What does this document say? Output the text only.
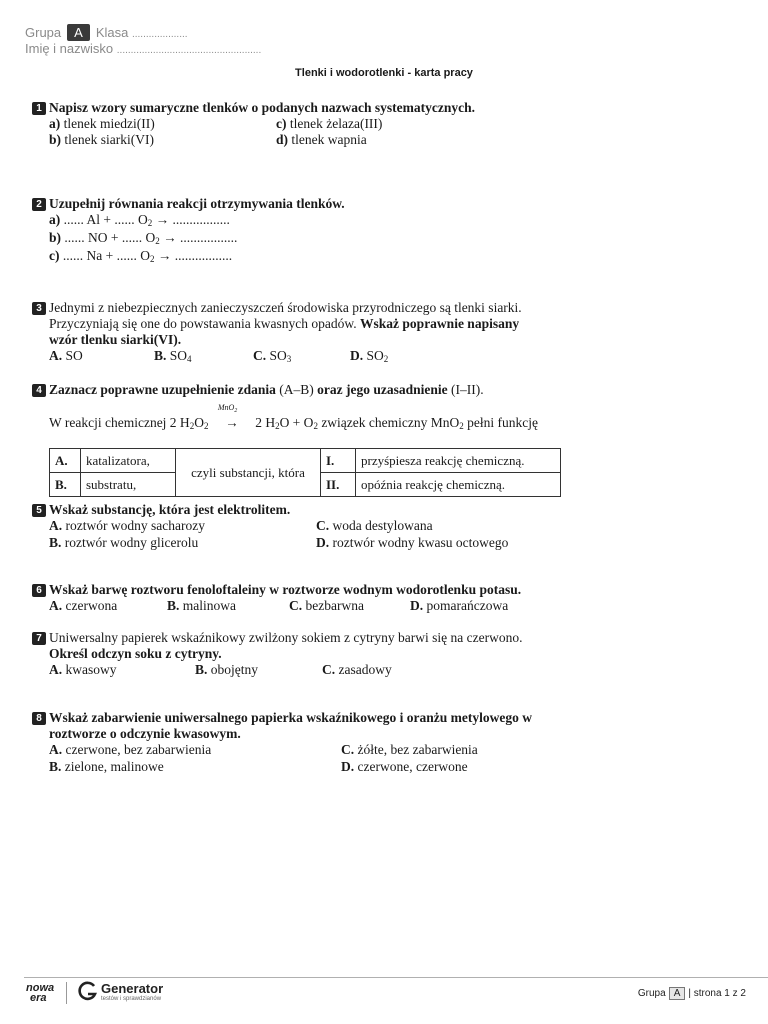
Grupa A Klasa ....................
Imię i nazwisko ....................................................
Tlenki i wodorotlenki - karta pracy
1 Napisz wzory sumaryczne tlenków o podanych nazwach systematycznych.
a) tlenek miedzi(II)
b) tlenek siarki(VI)
c) tlenek żelaza(III)
d) tlenek wapnia
2 Uzupełnij równania reakcji otrzymywania tlenków.
a) ...... Al + ...... $O_2$ → .................
b) ...... NO + ...... $O_2$ → .................
c) ...... Na + ...... $O_2$ → .................
3 Jednymi z niebezpiecznych zanieczyszczeń środowiska przyrodniczego są tlenki siarki.
Przyczyniają się one do powstawania kwasnych opadów. Wskaż poprawnie napisany
wzór tlenku siarki(VI).
A. SO	B. $SO_4$	C. $SO_3$	D. $SO_2$
4 Zaznacz poprawne uzupełnienie zdania (A–B) oraz jego uzasadnienie (I–II).
W reakcji chemicznej 2 $H_2O_2$
MnO$_2$
→ 2 $H_2O + O_2$ związek chemiczny MnO$_2$ pełni funkcję
A.	katalizatora,	czyli substancji, która	I.	przyśpiesza reakcję chemiczną.
B.	substratu,		II.	opóźnia reakcję chemiczną.
5 Wskaż substancję, która jest elektrolitem.
A. roztwór wodny sacharozy
B. roztwór wodny glicerolu
C. woda destylowana
D. roztwór wodny kwasu octowego
6 Wskaż barwę roztworu fenoloftaleiny w roztworze wodnym wodorotlenku potasu.
A. czerwona	B. malinowa	C. bezbarwna	D. pomarańczowa
7 Uniwersalny papierek wskaźnikowy zwilżony sokiem z cytryny barwi się na czerwono.
Określ odczyn soku z cytryny.
A. kwasowy	B. obojętny	C. zasadowy
8 Wskaż zabarwienie uniwersalnego papierka wskaźnikowego i oranżu metylowego w
roztworze o odczynie kwasowym.
A. czerwone, bez zabarwienia
B. zielone, malinowe
C. żółte, bez zabarwienia
D. czerwone, czerwone
nowa
era
Generator
testów i sprawdzianów	Grupa A | strona 1 z 2
